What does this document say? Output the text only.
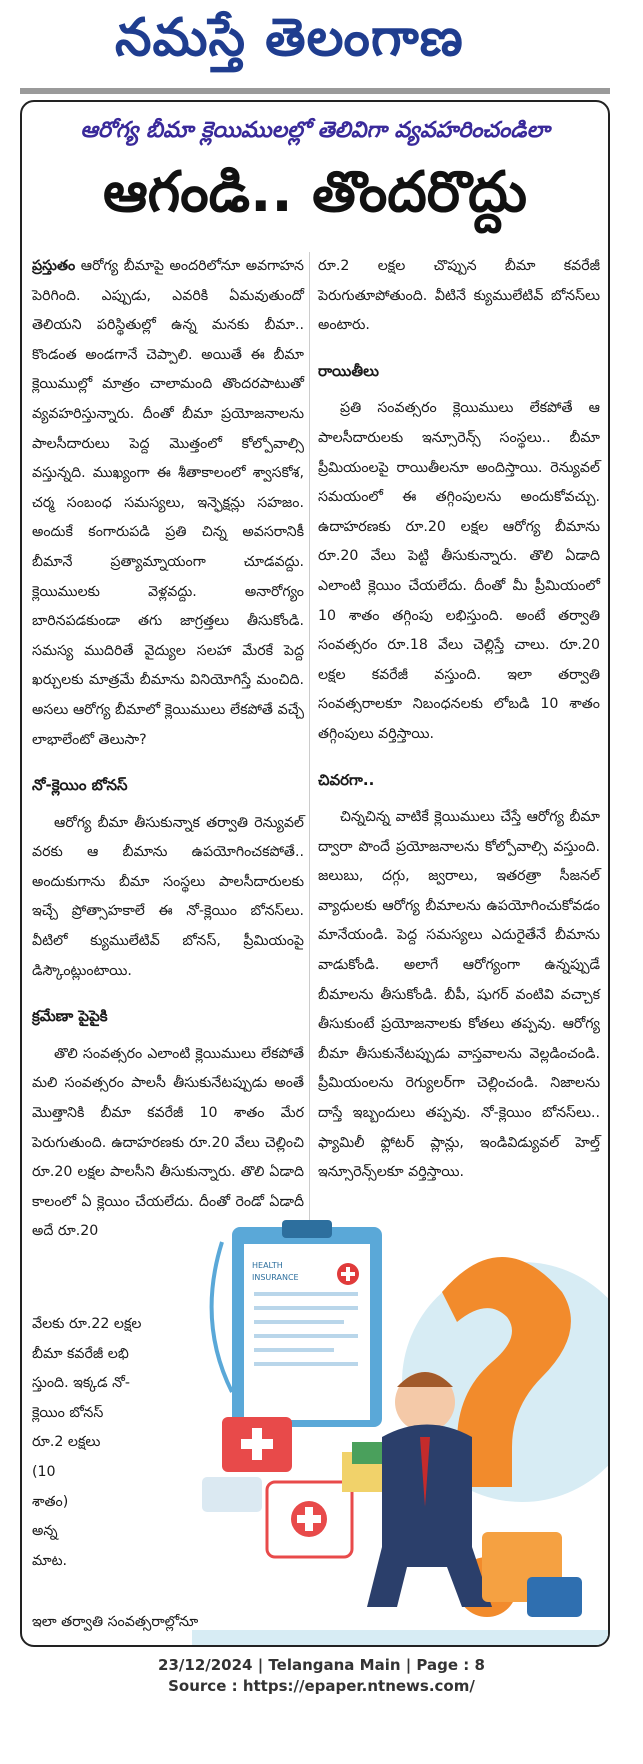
నమస్తే తెలంగాణ
ఆరోగ్య బీమా క్లెయిములల్లో తెలివిగా వ్యవహరించండిలా
ఆగండి.. తొందరొద్దు

ప్రస్తుతం ఆరోగ్య బీమాపై అందరిలోనూ అవగాహన పెరిగింది. ఎప్పుడు, ఎవరికి ఏమవుతుందో తెలియని పరిస్థితుల్లో ఉన్న మనకు బీమా.. కొండంత అండగానే చెప్పాలి. అయితే ఈ బీమా క్లెయిముల్లో మాత్రం చాలామంది తొందరపాటుతో వ్యవహరిస్తున్నారు. దీంతో బీమా ప్రయోజనాలను పాలసీదారులు పెద్ద మొత్తంలో కోల్పోవాల్సి వస్తున్నది. ముఖ్యంగా ఈ శీతాకాలంలో శ్వాసకోశ, చర్మ సంబంధ సమస్యలు, ఇన్ఫెక్షన్లు సహజం. అందుకే కంగారుపడి ప్రతి చిన్న అవసరానికీ బీమానే ప్రత్యామ్నాయంగా చూడవద్దు. క్లెయిములకు వెళ్లవద్దు. అనారోగ్యం బారినపడకుండా తగు జాగ్రత్తలు తీసుకోండి. సమస్య ముదిరితే వైద్యుల సలహా మేరకే పెద్ద ఖర్చులకు మాత్రమే బీమాను వినియోగిస్తే మంచిది. అసలు ఆరోగ్య బీమాలో క్లెయిములు లేకపోతే వచ్చే లాభాలేంటో తెలుసా?

నో-క్లెయిం బోనస్

ఆరోగ్య బీమా తీసుకున్నాక తర్వాతి రెన్యువల్ వరకు ఆ బీమాను ఉపయోగించకపోతే.. అందుకుగాను బీమా సంస్థలు పాలసీదారులకు ఇచ్చే ప్రోత్సాహకాలే ఈ నో-క్లెయిం బోనస్‌లు. వీటిలో క్యుములేటివ్ బోనస్, ప్రీమియంపై డిస్కౌంట్లుంటాయి.

క్రమేణా పైపైకి

తొలి సంవత్సరం ఎలాంటి క్లెయిములు లేకపోతే మలి సంవత్సరం పాలసీ తీసుకునేటప్పుడు అంతే మొత్తానికి బీమా కవరేజీ 10 శాతం మేర పెరుగుతుంది. ఉదాహరణకు రూ.20 వేలు చెల్లించి రూ.20 లక్షల పాలసీని తీసుకున్నారు. తొలి ఏడాది కాలంలో ఏ క్లెయిం చేయలేదు. దీంతో రెండో ఏడాదీ అదే రూ.20

రూ.2 లక్షల చొప్పున బీమా కవరేజీ పెరుగుతూపోతుంది. వీటినే క్యుములేటివ్ బోనస్‌లు అంటారు.

రాయితీలు

ప్రతి సంవత్సరం క్లెయిములు లేకపోతే ఆ పాలసీదారులకు ఇన్సూరెన్స్ సంస్థలు.. బీమా ప్రీమియంలపై రాయితీలనూ అందిస్తాయి. రెన్యువల్ సమయంలో ఈ తగ్గింపులను అందుకోవచ్చు. ఉదాహరణకు రూ.20 లక్షల ఆరోగ్య బీమాను రూ.20 వేలు పెట్టి తీసుకున్నారు. తొలి ఏడాది ఎలాంటి క్లెయిం చేయలేదు. దీంతో మీ ప్రీమియంలో 10 శాతం తగ్గింపు లభిస్తుంది. అంటే తర్వాతి సంవత్సరం రూ.18 వేలు చెల్లిస్తే చాలు. రూ.20 లక్షల కవరేజీ వస్తుంది. ఇలా తర్వాతి సంవత్సరాలకూ నిబంధనలకు లోబడి 10 శాతం తగ్గింపులు వర్తిస్తాయి.

చివరగా..

చిన్నచిన్న వాటికే క్లెయిములు చేస్తే ఆరోగ్య బీమా ద్వారా పొందే ప్రయోజనాలను కోల్పోవాల్సి వస్తుంది. జలుబు, దగ్గు, జ్వరాలు, ఇతరత్రా సీజనల్ వ్యాధులకు ఆరోగ్య బీమాలను ఉపయోగించుకోవడం మానేయండి. పెద్ద సమస్యలు ఎదురైతేనే బీమాను వాడుకోండి. అలాగే ఆరోగ్యంగా ఉన్నప్పుడే బీమాలను తీసుకోండి. బీపీ, షుగర్ వంటివి వచ్చాక తీసుకుంటే ప్రయోజనాలకు కోతలు తప్పవు. ఆరోగ్య బీమా తీసుకునేటప్పుడు వాస్తవాలను వెల్లడించండి. ప్రీమియంలను రెగ్యులర్‌గా చెల్లించండి. నిజాలను దాస్తే ఇబ్బందులు తప్పవు. నో-క్లెయిం బోనస్‌లు.. ఫ్యామిలీ ఫ్లోటర్ ప్లాన్లు, ఇండివిడ్యువల్ హెల్త్ ఇన్సూరెన్స్‌లకూ వర్తిస్తాయి.

వేలకు రూ.22 లక్షల
బీమా కవరేజీ లభి
స్తుంది. ఇక్కడ నో-
క్లెయిం బోనస్
రూ.2 లక్షలు
(10
శాతం)
అన్న
మాట.
ఇలా తర్వాతి సంవత్సరాల్లోనూ
HEALTH
INSURANCE
23/12/2024 | Telangana Main | Page : 8
Source : https://epaper.ntnews.com/
